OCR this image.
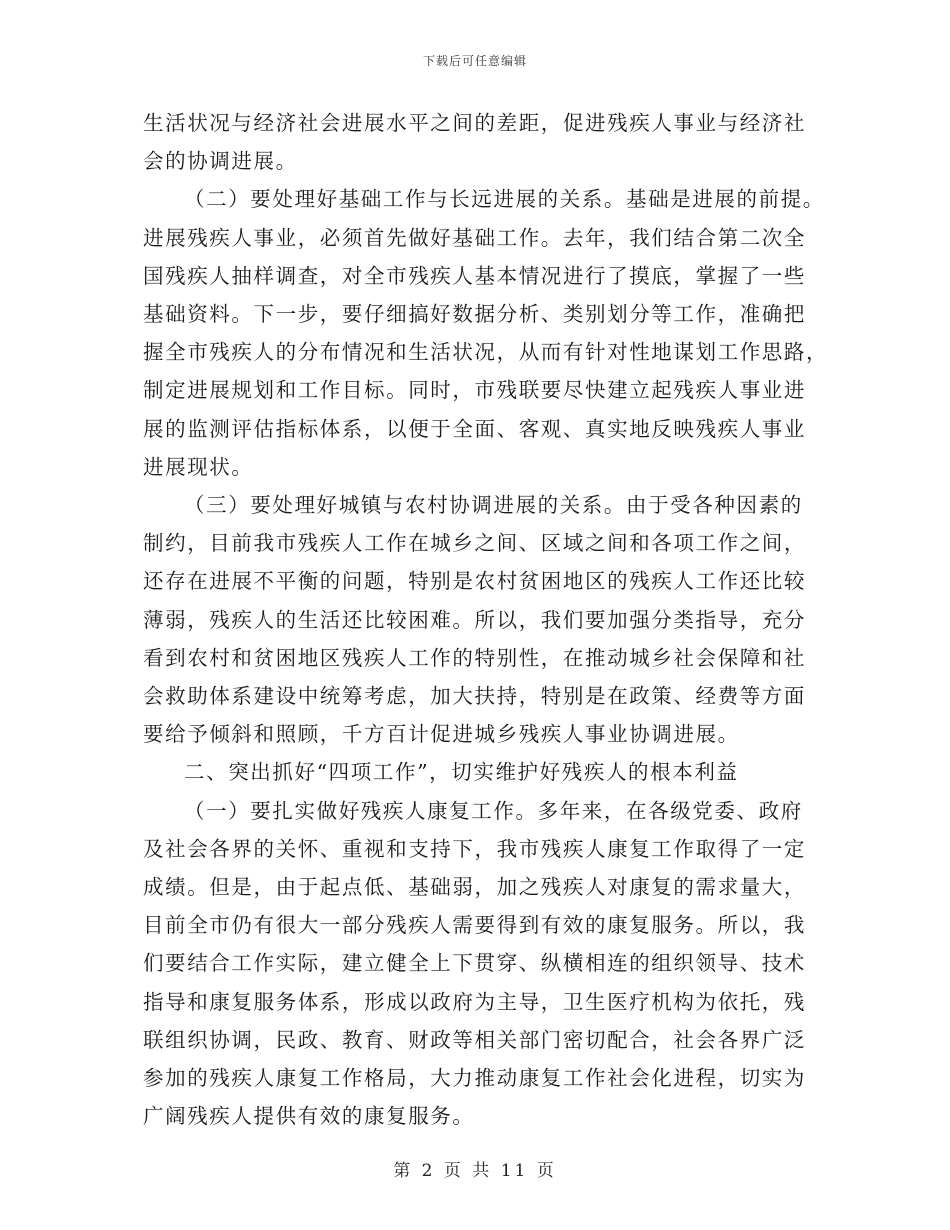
下载后可任意编辑

生活状况与经济社会进展水平之间的差距，促进残疾人事业与经济社

会的协调进展。

（二）要处理好基础工作与长远进展的关系。基础是进展的前提。

进展残疾人事业，必须首先做好基础工作。去年，我们结合第二次全

国残疾人抽样调查，对全市残疾人基本情况进行了摸底，掌握了一些

基础资料。下一步，要仔细搞好数据分析、类别划分等工作，准确把

握全市残疾人的分布情况和生活状况，从而有针对性地谋划工作思路，

制定进展规划和工作目标。同时，市残联要尽快建立起残疾人事业进

展的监测评估指标体系，以便于全面、客观、真实地反映残疾人事业

进展现状。

（三）要处理好城镇与农村协调进展的关系。由于受各种因素的

制约，目前我市残疾人工作在城乡之间、区域之间和各项工作之间，

还存在进展不平衡的问题，特别是农村贫困地区的残疾人工作还比较

薄弱，残疾人的生活还比较困难。所以，我们要加强分类指导，充分

看到农村和贫困地区残疾人工作的特别性，在推动城乡社会保障和社

会救助体系建设中统筹考虑，加大扶持，特别是在政策、经费等方面

要给予倾斜和照顾，千方百计促进城乡残疾人事业协调进展。

二、突出抓好“四项工作”，切实维护好残疾人的根本利益

（一）要扎实做好残疾人康复工作。多年来，在各级党委、政府

及社会各界的关怀、重视和支持下，我市残疾人康复工作取得了一定

成绩。但是，由于起点低、基础弱，加之残疾人对康复的需求量大，

目前全市仍有很大一部分残疾人需要得到有效的康复服务。所以，我

们要结合工作实际，建立健全上下贯穿、纵横相连的组织领导、技术

指导和康复服务体系，形成以政府为主导，卫生医疗机构为依托，残

联组织协调，民政、教育、财政等相关部门密切配合，社会各界广泛

参加的残疾人康复工作格局，大力推动康复工作社会化进程，切实为

广阔残疾人提供有效的康复服务。

第 2 页 共 11 页
